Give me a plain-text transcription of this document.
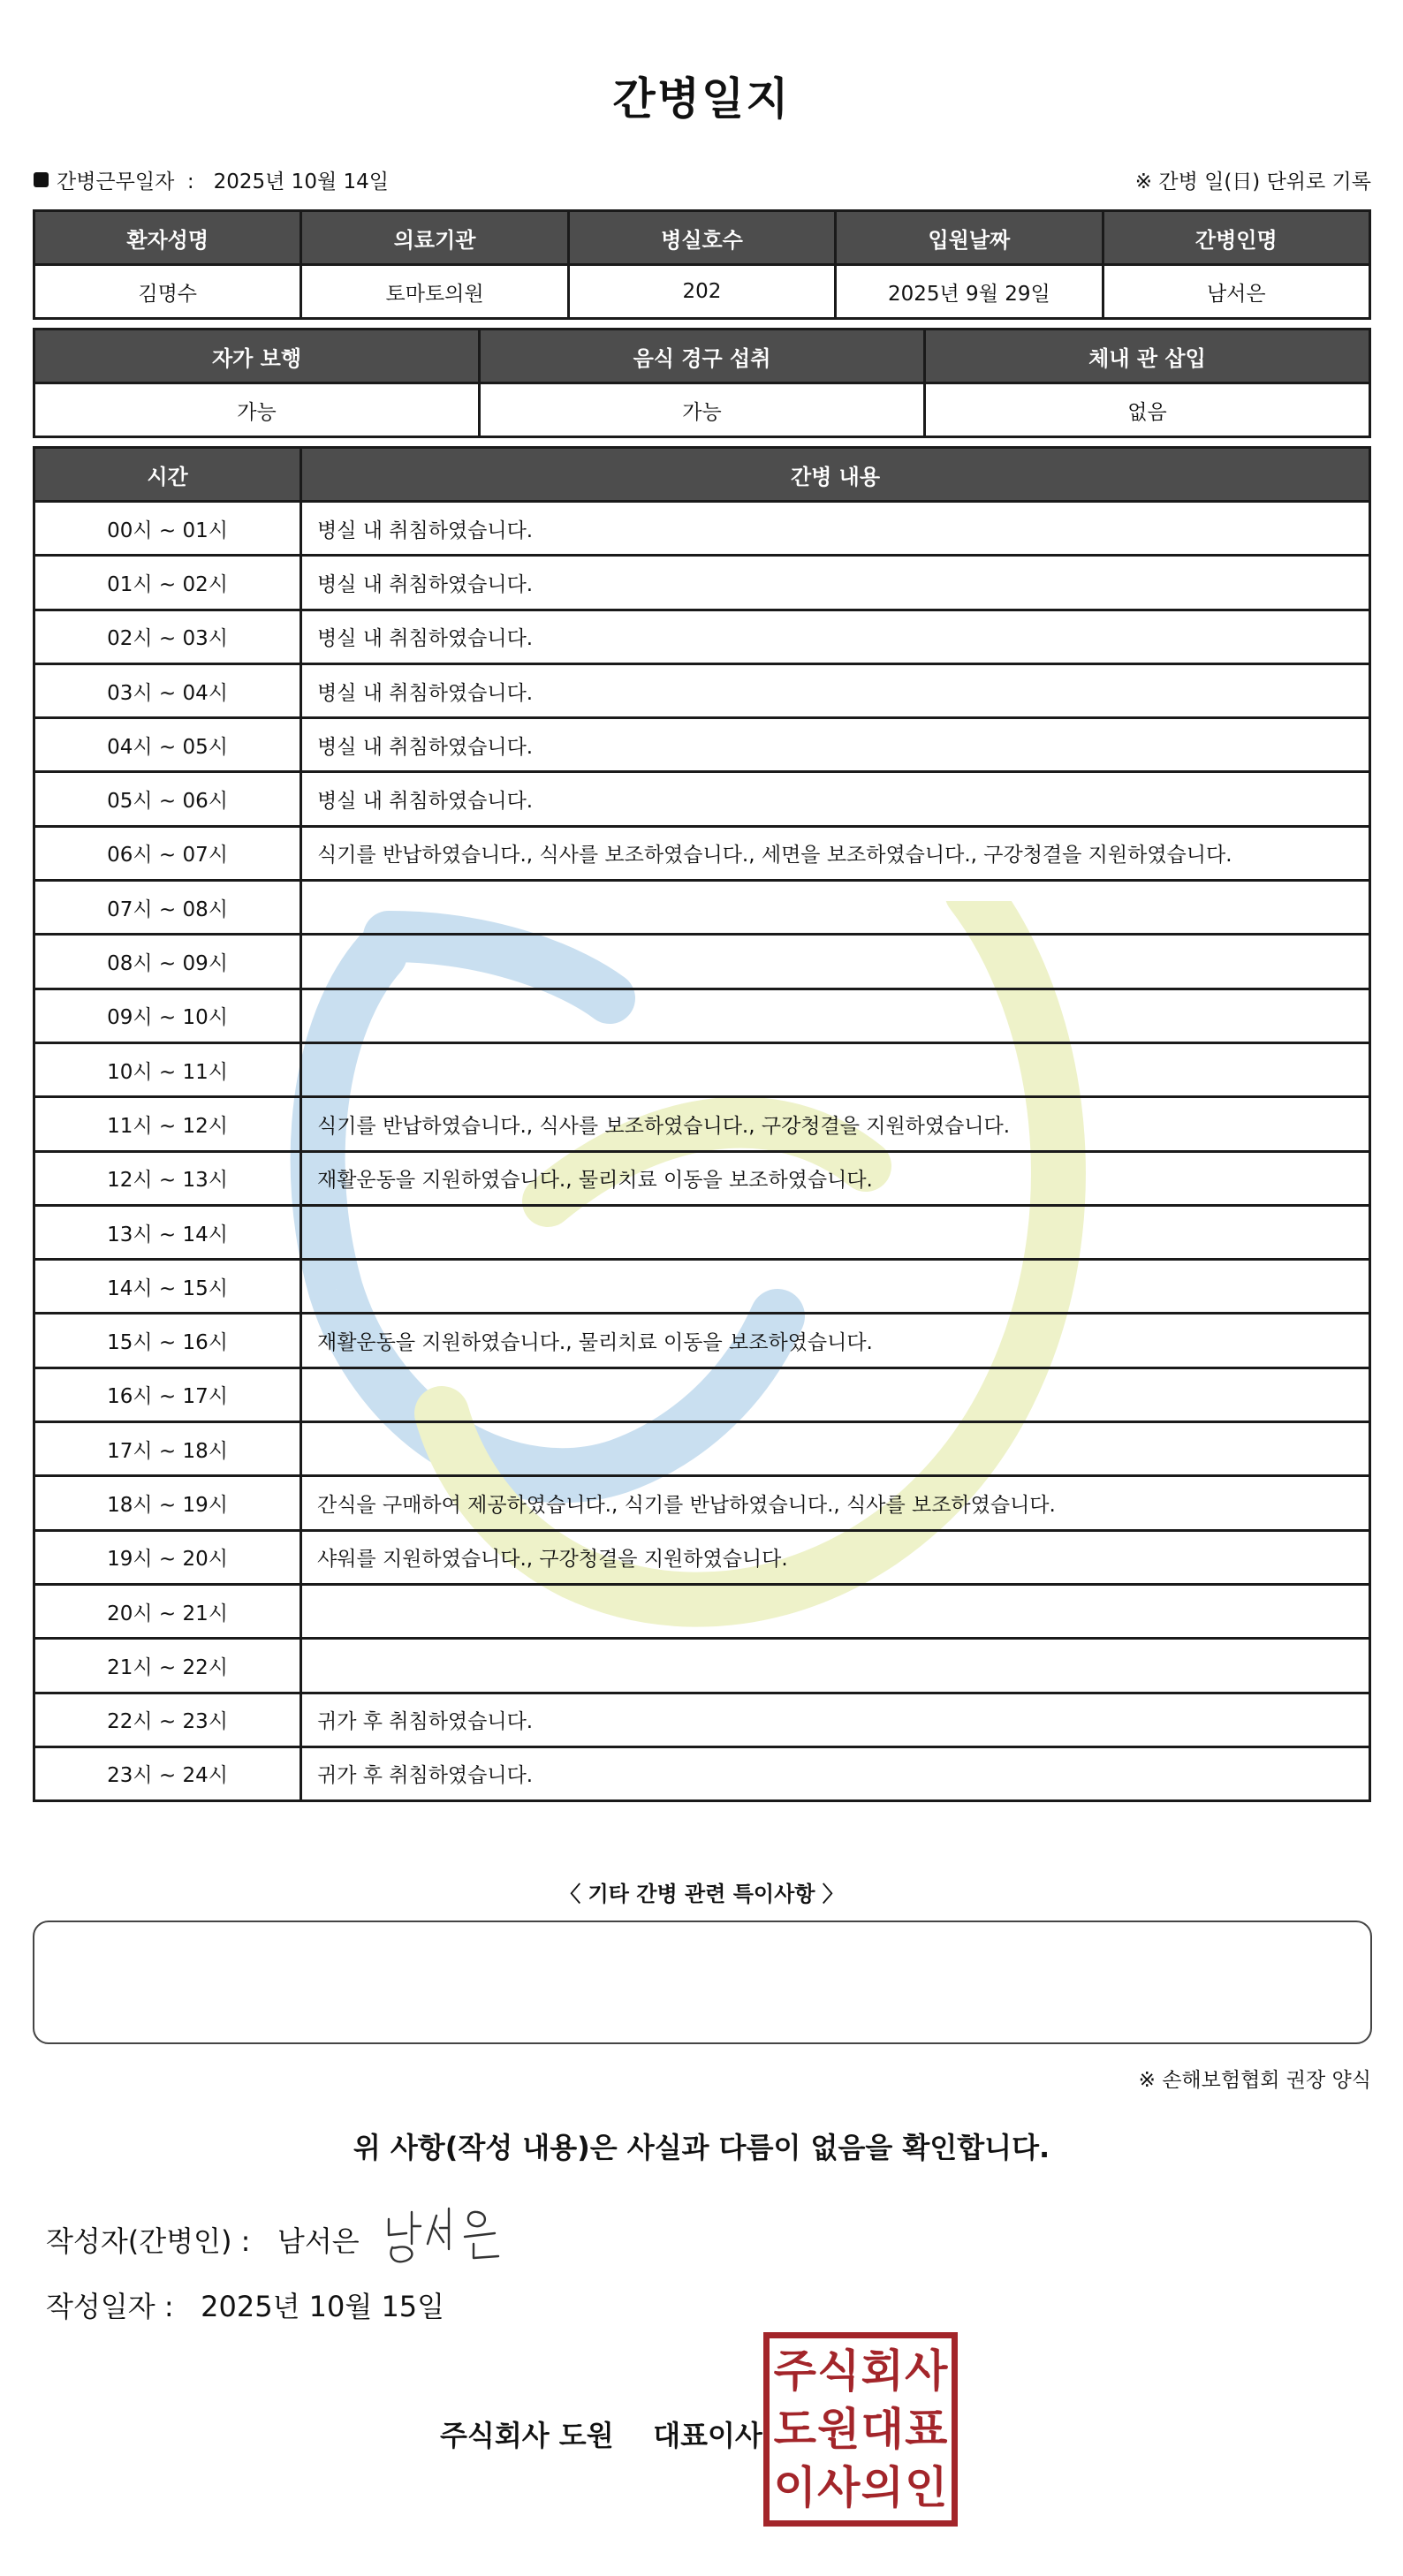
간병일지
간병근무일자  :   2025년 10월 14일	※ 간병 일(日) 단위로 기록
환자성명	의료기관	병실호수	입원날짜	간병인명
김명수	토마토의원	202	2025년 9월 29일	남서은
자가 보행	음식 경구 섭취	체내 관 삽입
가능	가능	없음
시간	간병 내용
00시 ~ 01시	병실 내 취침하였습니다.
01시 ~ 02시	병실 내 취침하였습니다.
02시 ~ 03시	병실 내 취침하였습니다.
03시 ~ 04시	병실 내 취침하였습니다.
04시 ~ 05시	병실 내 취침하였습니다.
05시 ~ 06시	병실 내 취침하였습니다.
06시 ~ 07시	식기를 반납하였습니다., 식사를 보조하였습니다., 세면을 보조하였습니다., 구강청결을 지원하였습니다.
07시 ~ 08시	
08시 ~ 09시	
09시 ~ 10시	
10시 ~ 11시	
11시 ~ 12시	식기를 반납하였습니다., 식사를 보조하였습니다., 구강청결을 지원하였습니다.
12시 ~ 13시	재활운동을 지원하였습니다., 물리치료 이동을 보조하였습니다.
13시 ~ 14시	
14시 ~ 15시	
15시 ~ 16시	재활운동을 지원하였습니다., 물리치료 이동을 보조하였습니다.
16시 ~ 17시	
17시 ~ 18시	
18시 ~ 19시	간식을 구매하여 제공하였습니다., 식기를 반납하였습니다., 식사를 보조하였습니다.
19시 ~ 20시	샤워를 지원하였습니다., 구강청결을 지원하였습니다.
20시 ~ 21시	
21시 ~ 22시	
22시 ~ 23시	귀가 후 취침하였습니다.
23시 ~ 24시	귀가 후 취침하였습니다.
〈 기타 간병 관련 특이사항 〉
※ 손해보험협회 권장 양식
위 사항(작성 내용)은 사실과 다름이 없음을 확인합니다.
작성자(간병인) : 남서은
작성일자 : 2025년 10월 15일
주식회사 도원 대표이사
주 식 회 사
도 원 대 표
이 사 의 인
